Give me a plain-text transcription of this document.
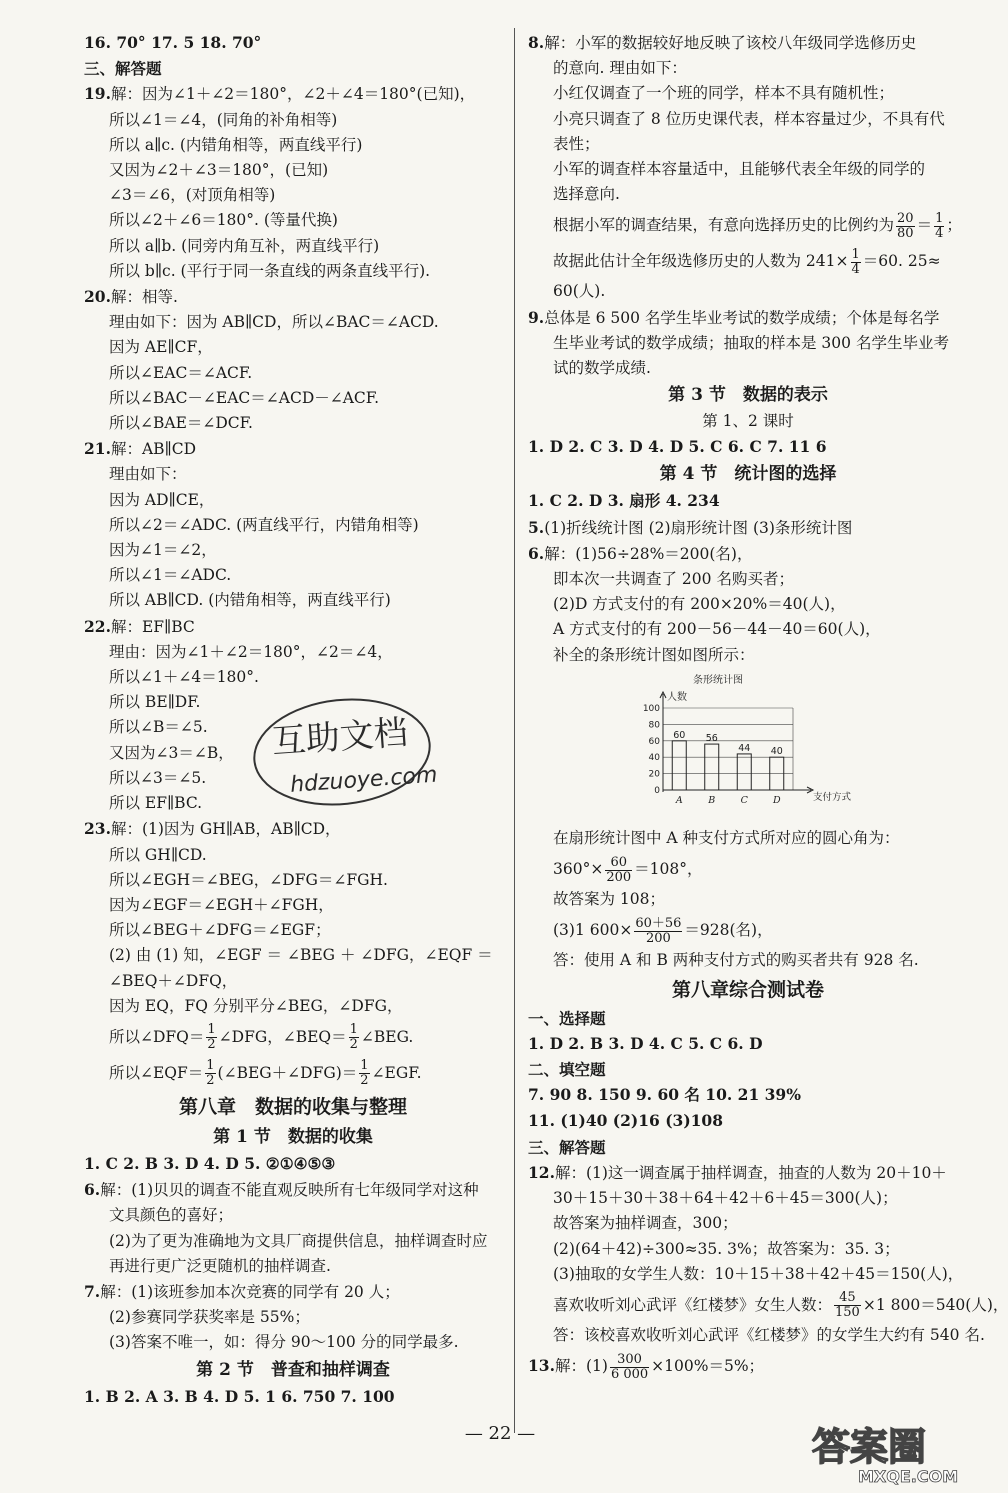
16. 70° 17. 5 18. 70°
三、解答题
19.解：因为∠1＋∠2＝180°，∠2＋∠4＝180°(已知)，
所以∠1＝∠4，(同角的补角相等)
所以 a∥c. (内错角相等，两直线平行)
又因为∠2＋∠3＝180°，(已知)
∠3＝∠6，(对顶角相等)
所以∠2＋∠6＝180°. (等量代换)
所以 a∥b. (同旁内角互补，两直线平行)
所以 b∥c. (平行于同一条直线的两条直线平行).
20.解：相等.
理由如下：因为 AB∥CD，所以∠BAC＝∠ACD.
因为 AE∥CF，
所以∠EAC＝∠ACF.
所以∠BAC－∠EAC＝∠ACD－∠ACF.
所以∠BAE＝∠DCF.
21.解：AB∥CD
理由如下：
因为 AD∥CE，
所以∠2＝∠ADC. (两直线平行，内错角相等)
因为∠1＝∠2，
所以∠1＝∠ADC.
所以 AB∥CD. (内错角相等，两直线平行)
22.解：EF∥BC
理由：因为∠1＋∠2＝180°，∠2＝∠4，
所以∠1＋∠4＝180°.
所以 BE∥DF.
所以∠B＝∠5.
又因为∠3＝∠B，
所以∠3＝∠5.
所以 EF∥BC.
23.解：(1)因为 GH∥AB，AB∥CD，
所以 GH∥CD.
所以∠EGH＝∠BEG，∠DFG＝∠FGH.
因为∠EGF＝∠EGH＋∠FGH，
所以∠BEG＋∠DFG＝∠EGF；
(2) 由 (1) 知，∠EGF ＝ ∠BEG ＋ ∠DFG，∠EQF ＝
∠BEQ＋∠DFQ，
因为 EQ，FQ 分别平分∠BEG，∠DFG，
所以∠DFQ＝ $\frac{1}{2}$ ∠DFG，∠BEQ＝ $\frac{1}{2}$ ∠BEG.
所以∠EQF＝ $\frac{1}{2}$ (∠BEG＋∠DFG)＝ $\frac{1}{2}$ ∠EGF.
第八章　数据的收集与整理
第 1 节　数据的收集
1. C 2. B 3. D 4. D 5. ②①④⑤③
6.解：(1)贝贝的调查不能直观反映所有七年级同学对这种
文具颜色的喜好；
(2)为了更为准确地为文具厂商提供信息，抽样调查时应
再进行更广泛更随机的抽样调查.
7.解：(1)该班参加本次竞赛的同学有 20 人；
(2)参赛同学获奖率是 55%；
(3)答案不唯一，如：得分 90～100 分的同学最多.
第 2 节　普查和抽样调查
1. B 2. A 3. B 4. D 5. 1 6. 750 7. 100
8.解：小军的数据较好地反映了该校八年级同学选修历史
的意向. 理由如下：
小红仅调查了一个班的同学，样本不具有随机性；
小亮只调查了 8 位历史课代表，样本容量过少，不具有代
表性；
小军的调查样本容量适中，且能够代表全年级的同学的
选择意向.
根据小军的调查结果，有意向选择历史的比例约为 $\frac{20}{80} = \frac{1}{4}$ ；
故据此估计全年级选修历史的人数为 $241\times \frac{1}{4} =60$. 25≈
60(人).
9.总体是 6 500 名学生毕业考试的数学成绩；个体是每名学
生毕业考试的数学成绩；抽取的样本是 300 名学生毕业考
试的数学成绩.
第 3 节　数据的表示
第 1、2 课时
1. D 2. C 3. D 4. D 5. C 6. C 7. 11 6
第 4 节　统计图的选择
1. C 2. D 3. 扇形 4. 234
5.(1)折线统计图 (2)扇形统计图 (3)条形统计图
6.解：(1)56÷28%＝200(名)，
即本次一共调查了 200 名购买者；
(2)D 方式支付的有 200×20%＝40(人)，
A 方式支付的有 200－56－44－40＝60(人)，
补全的条形统计图如图所示：
条形统计图
人数
0
20
40
60
80
100
60
A
56
B
44
C
40
D	支付方式
在扇形统计图中 A 种支付方式所对应的圆心角为：
$360^\circ\times \frac{60}{200} =108^\circ$，
故答案为 108；
(3)1 $600\times \frac{60+56}{200} =928$(名)，
答：使用 A 和 B 两种支付方式的购买者共有 928 名.
第八章综合测试卷
一、选择题
1. D 2. B 3. D 4. C 5. C 6. D
二、填空题
7. 90 8. 150 9. 60 名 10. 21 39%
11. (1)40 (2)16 (3)108
三、解答题
12.解：(1)这一调查属于抽样调查，抽查的人数为 20＋10＋
30＋15＋30＋38＋64＋42＋6＋45＝300(人)；
故答案为抽样调查，300；
(2)(64＋42)÷300≈35. 3%；故答案为：35. 3；
(3)抽取的女学生人数：10＋15＋38＋42＋45＝150(人)，
喜欢收听刘心武评《红楼梦》女生人数： $\frac{45}{150} \times 1$ 800＝540(人)，
答：该校喜欢收听刘心武评《红楼梦》的女学生大约有 540 名.
13.解：$(1) \frac{300}{6 000} \times 100\%=5\%$；
互助文档
hdzuoye.com
— 22 —	答案圈
MXQE.COM
